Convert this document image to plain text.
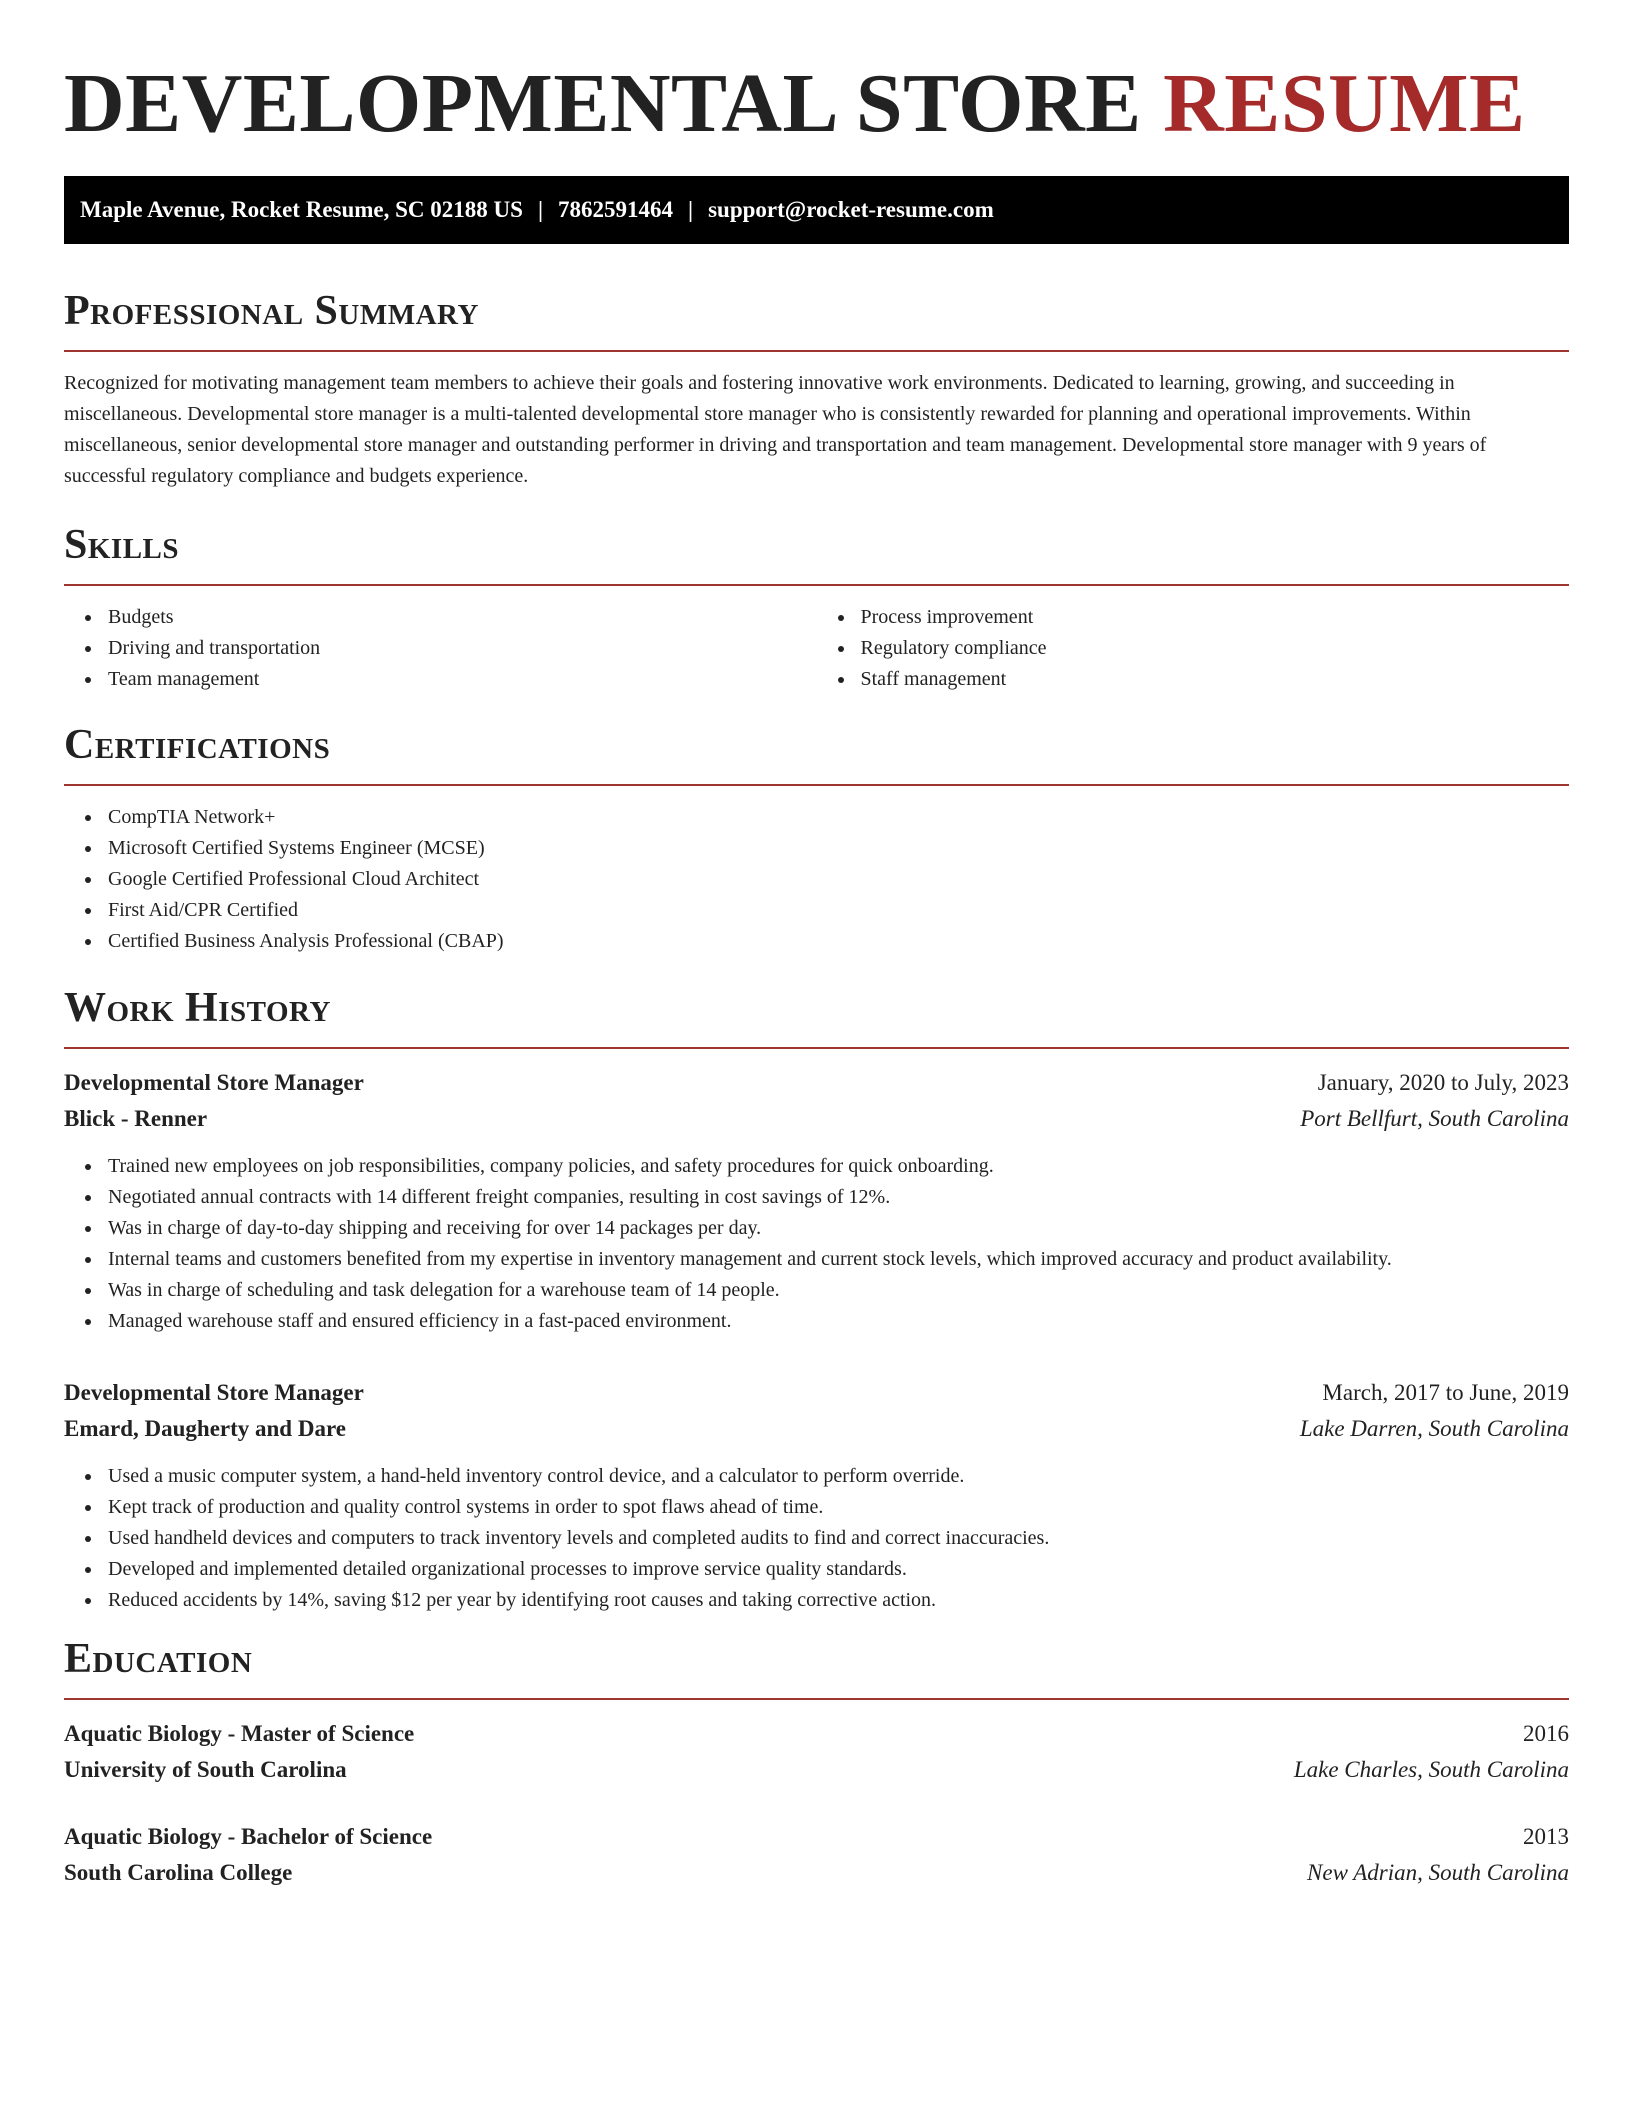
DEVELOPMENTAL STORE RESUME
Maple Avenue, Rocket Resume, SC 02188 US | 7862591464 | support@rocket-resume.com
Professional Summary

Recognized for motivating management team members to achieve their goals and fostering innovative work environments. Dedicated to learning, growing, and succeeding in miscellaneous. Developmental store manager is a multi-talented developmental store manager who is consistently rewarded for planning and operational improvements. Within miscellaneous, senior developmental store manager and outstanding performer in driving and transportation and team management. Developmental store manager with 9 years of successful regulatory compliance and budgets experience.

Skills
Budgets
Driving and transportation
Team management
Process improvement
Regulatory compliance
Staff management
Certifications
CompTIA Network+
Microsoft Certified Systems Engineer (MCSE)
Google Certified Professional Cloud Architect
First Aid/CPR Certified
Certified Business Analysis Professional (CBAP)
Work History
Developmental Store Manager	January, 2020 to July, 2023
Blick - Renner	Port Bellfurt, South Carolina
Trained new employees on job responsibilities, company policies, and safety procedures for quick onboarding.
Negotiated annual contracts with 14 different freight companies, resulting in cost savings of 12%.
Was in charge of day-to-day shipping and receiving for over 14 packages per day.
Internal teams and customers benefited from my expertise in inventory management and current stock levels, which improved accuracy and product availability.
Was in charge of scheduling and task delegation for a warehouse team of 14 people.
Managed warehouse staff and ensured efficiency in a fast-paced environment.
Developmental Store Manager	March, 2017 to June, 2019
Emard, Daugherty and Dare	Lake Darren, South Carolina
Used a music computer system, a hand-held inventory control device, and a calculator to perform override.
Kept track of production and quality control systems in order to spot flaws ahead of time.
Used handheld devices and computers to track inventory levels and completed audits to find and correct inaccuracies.
Developed and implemented detailed organizational processes to improve service quality standards.
Reduced accidents by 14%, saving $12 per year by identifying root causes and taking corrective action.
Education
Aquatic Biology - Master of Science	2016
University of South Carolina	Lake Charles, South Carolina
Aquatic Biology - Bachelor of Science	2013
South Carolina College	New Adrian, South Carolina
